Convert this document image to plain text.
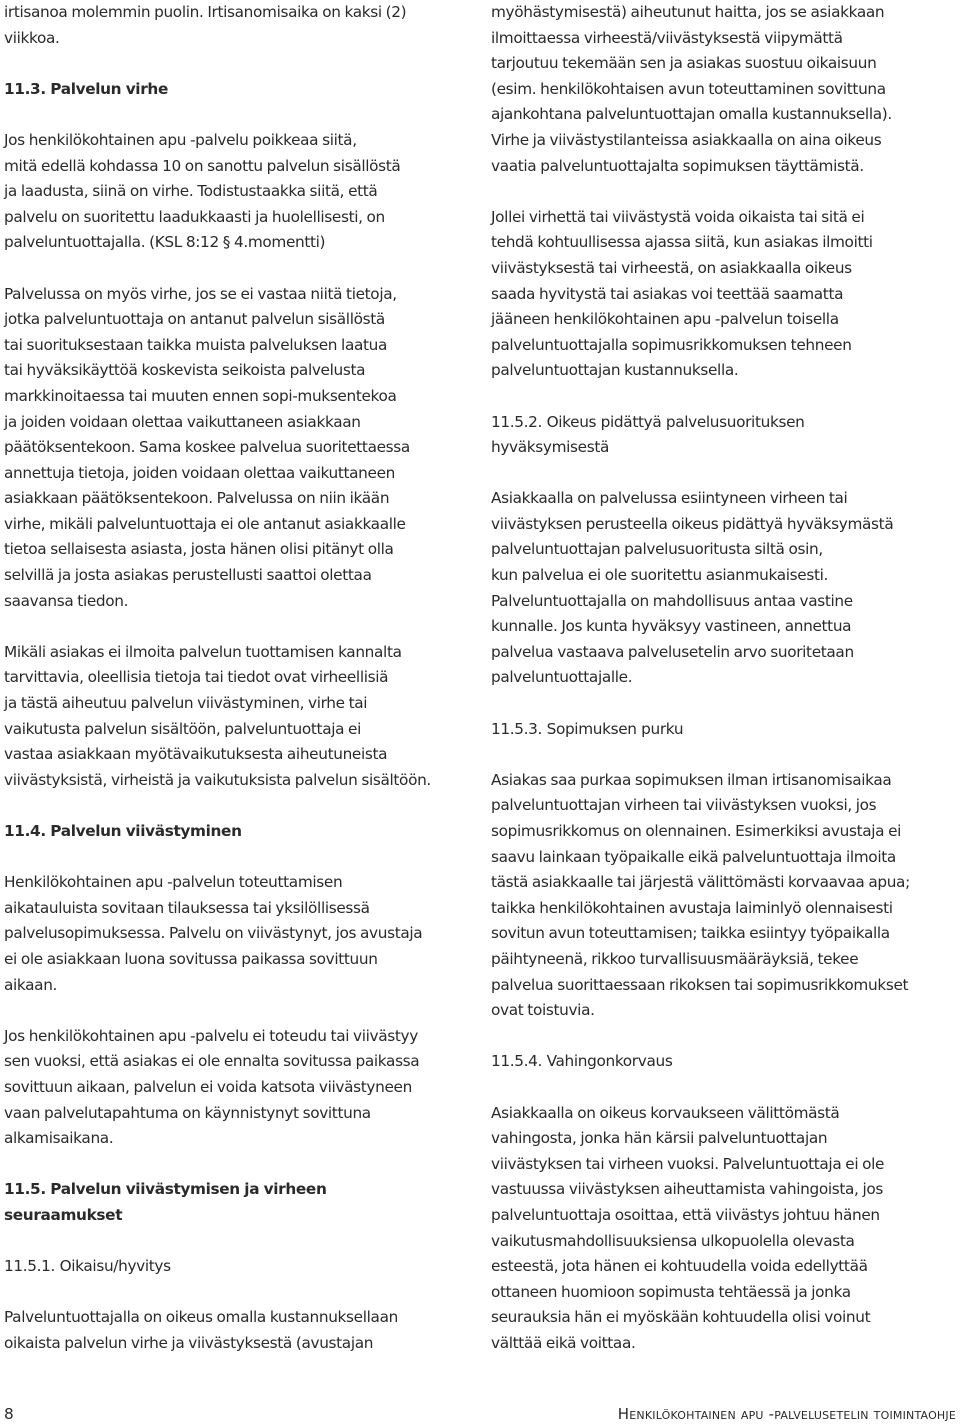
irtisanoa molemmin puolin. Irtisanomisaika on kaksi (2)
viikkoa.

11.3. Palvelun virhe

Jos henkilökohtainen apu -palvelu poikkeaa siitä,
mitä edellä kohdassa 10 on sanottu palvelun sisällöstä
ja laadusta, siinä on virhe. Todistustaakka siitä, että
palvelu on suoritettu laadukkaasti ja huolellisesti, on
palveluntuottajalla. (KSL 8:12 § 4.momentti)

Palvelussa on myös virhe, jos se ei vastaa niitä tietoja,
jotka palveluntuottaja on antanut palvelun sisällöstä
tai suorituksestaan taikka muista palveluksen laatua
tai hyväksikäyttöä koskevista seikoista palvelusta
markkinoitaessa tai muuten ennen sopi-muksentekoa
ja joiden voidaan olettaa vaikuttaneen asiakkaan
päätöksentekoon. Sama koskee palvelua suoritettaessa
annettuja tietoja, joiden voidaan olettaa vaikuttaneen
asiakkaan päätöksentekoon. Palvelussa on niin ikään
virhe, mikäli palveluntuottaja ei ole antanut asiakkaalle
tietoa sellaisesta asiasta, josta hänen olisi pitänyt olla
selvillä ja josta asiakas perustellusti saattoi olettaa
saavansa tiedon.

Mikäli asiakas ei ilmoita palvelun tuottamisen kannalta
tarvittavia, oleellisia tietoja tai tiedot ovat virheellisiä
ja tästä aiheutuu palvelun viivästyminen, virhe tai
vaikutusta palvelun sisältöön, palveluntuottaja ei
vastaa asiakkaan myötävaikutuksesta aiheutuneista
viivästyksistä, virheistä ja vaikutuksista palvelun sisältöön.

11.4. Palvelun viivästyminen

Henkilökohtainen apu -palvelun toteuttamisen
aikatauluista sovitaan tilauksessa tai yksilöllisessä
palvelusopimuksessa. Palvelu on viivästynyt, jos avustaja
ei ole asiakkaan luona sovitussa paikassa sovittuun
aikaan.

Jos henkilökohtainen apu -palvelu ei toteudu tai viivästyy
sen vuoksi, että asiakas ei ole ennalta sovitussa paikassa
sovittuun aikaan, palvelun ei voida katsota viivästyneen
vaan palvelutapahtuma on käynnistynyt sovittuna
alkamisaikana.

11.5. Palvelun viivästymisen ja virheen
seuraamukset
11.5.1. Oikaisu/hyvitys

Palveluntuottajalla on oikeus omalla kustannuksellaan
oikaista palvelun virhe ja viivästyksestä (avustajan

myöhästymisestä) aiheutunut haitta, jos se asiakkaan
ilmoittaessa virheestä/viivästyksestä viipymättä
tarjoutuu tekemään sen ja asiakas suostuu oikaisuun
(esim. henkilökohtaisen avun toteuttaminen sovittuna
ajankohtana palveluntuottajan omalla kustannuksella).
Virhe ja viivästystilanteissa asiakkaalla on aina oikeus
vaatia palveluntuottajalta sopimuksen täyttämistä.

Jollei virhettä tai viivästystä voida oikaista tai sitä ei
tehdä kohtuullisessa ajassa siitä, kun asiakas ilmoitti
viivästyksestä tai virheestä, on asiakkaalla oikeus
saada hyvitystä tai asiakas voi teettää saamatta
jääneen henkilökohtainen apu -palvelun toisella
palveluntuottajalla sopimusrikkomuksen tehneen
palveluntuottajan kustannuksella.

11.5.2. Oikeus pidättyä palvelusuorituksen
hyväksymisestä

Asiakkaalla on palvelussa esiintyneen virheen tai
viivästyksen perusteella oikeus pidättyä hyväksymästä
palveluntuottajan palvelusuoritusta siltä osin,
kun palvelua ei ole suoritettu asianmukaisesti.
Palveluntuottajalla on mahdollisuus antaa vastine
kunnalle. Jos kunta hyväksyy vastineen, annettua
palvelua vastaava palvelusetelin arvo suoritetaan
palveluntuottajalle.

11.5.3. Sopimuksen purku

Asiakas saa purkaa sopimuksen ilman irtisanomisaikaa
palveluntuottajan virheen tai viivästyksen vuoksi, jos
sopimusrikkomus on olennainen. Esimerkiksi avustaja ei
saavu lainkaan työpaikalle eikä palveluntuottaja ilmoita
tästä asiakkaalle tai järjestä välittömästi korvaavaa apua;
taikka henkilökohtainen avustaja laiminlyö olennaisesti
sovitun avun toteuttamisen; taikka esiintyy työpaikalla
päihtyneenä, rikkoo turvallisuusmääräyksiä, tekee
palvelua suorittaessaan rikoksen tai sopimusrikkomukset
ovat toistuvia.

11.5.4. Vahingonkorvaus

Asiakkaalla on oikeus korvaukseen välittömästä
vahingosta, jonka hän kärsii palveluntuottajan
viivästyksen tai virheen vuoksi. Palveluntuottaja ei ole
vastuussa viivästyksen aiheuttamista vahingoista, jos
palveluntuottaja osoittaa, että viivästys johtuu hänen
vaikutusmahdollisuuksiensa ulkopuolella olevasta
esteestä, jota hänen ei kohtuudella voida edellyttää
ottaneen huomioon sopimusta tehtäessä ja jonka
seurauksia hän ei myöskään kohtuudella olisi voinut
välttää eikä voittaa.

8	Henkilökohtainen apu -palvelusetelin toimintaohje
